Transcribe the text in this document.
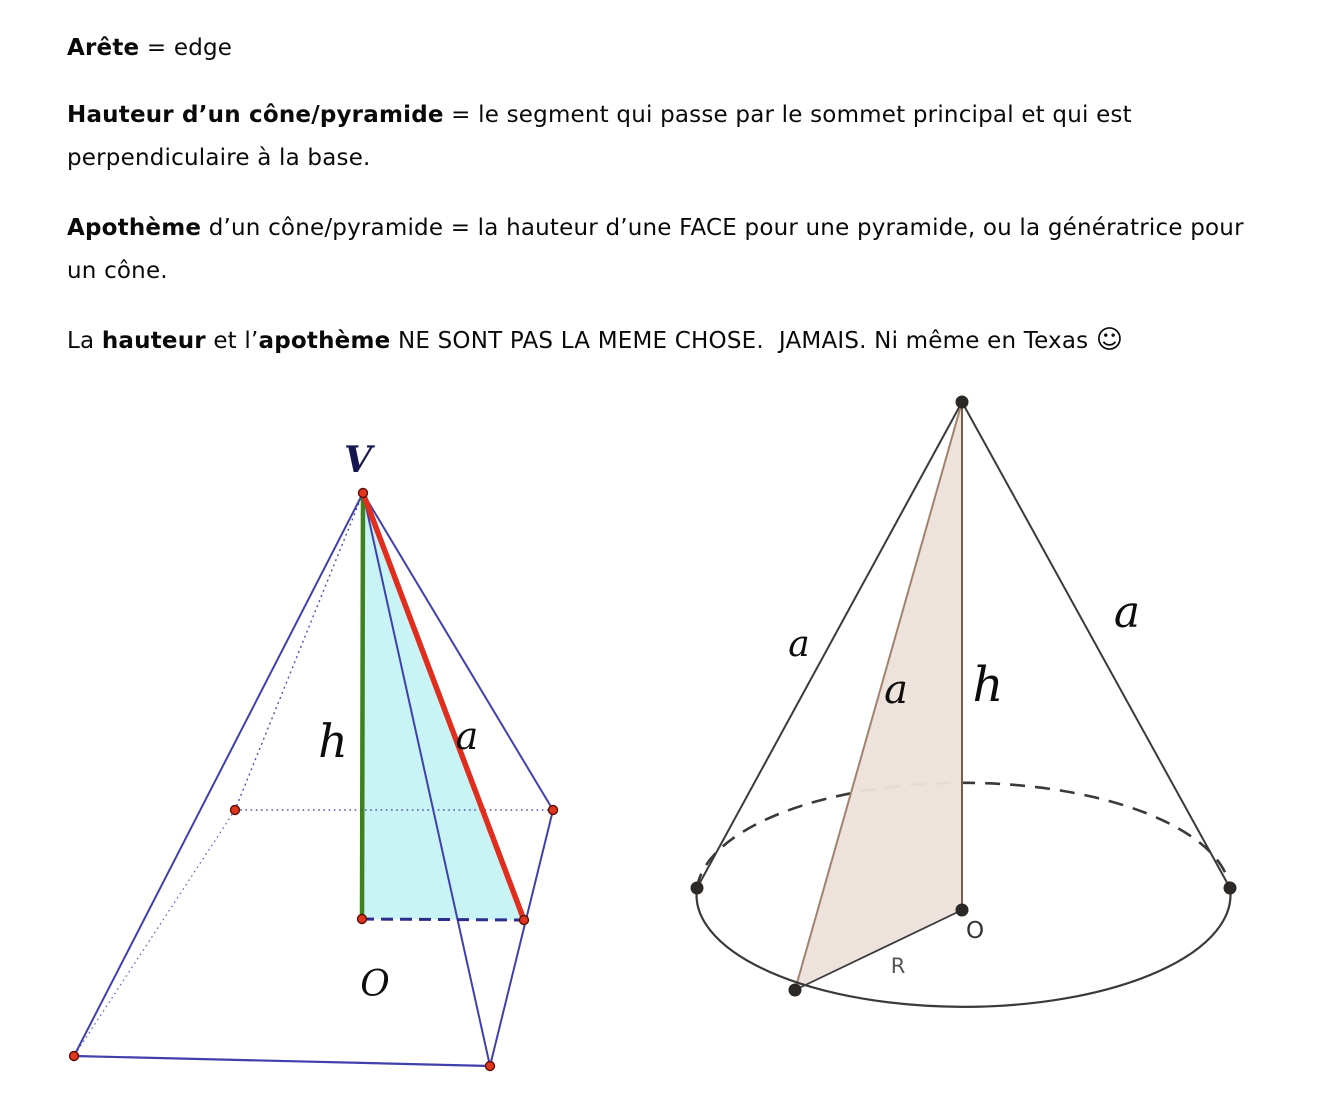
Arête = edge

Hauteur d’un cône/pyramide = le segment qui passe par le sommet principal et qui est
perpendiculaire à la base.

Apothème d’un cône/pyramide = la hauteur d’une FACE pour une pyramide, ou la génératrice pour
un cône.

La hauteur et l’apothème NE SONT PAS LA MEME CHOSE.  JAMAIS. Ni même en Texas ☺

V
h	a
O
a
a
a h
O
R
